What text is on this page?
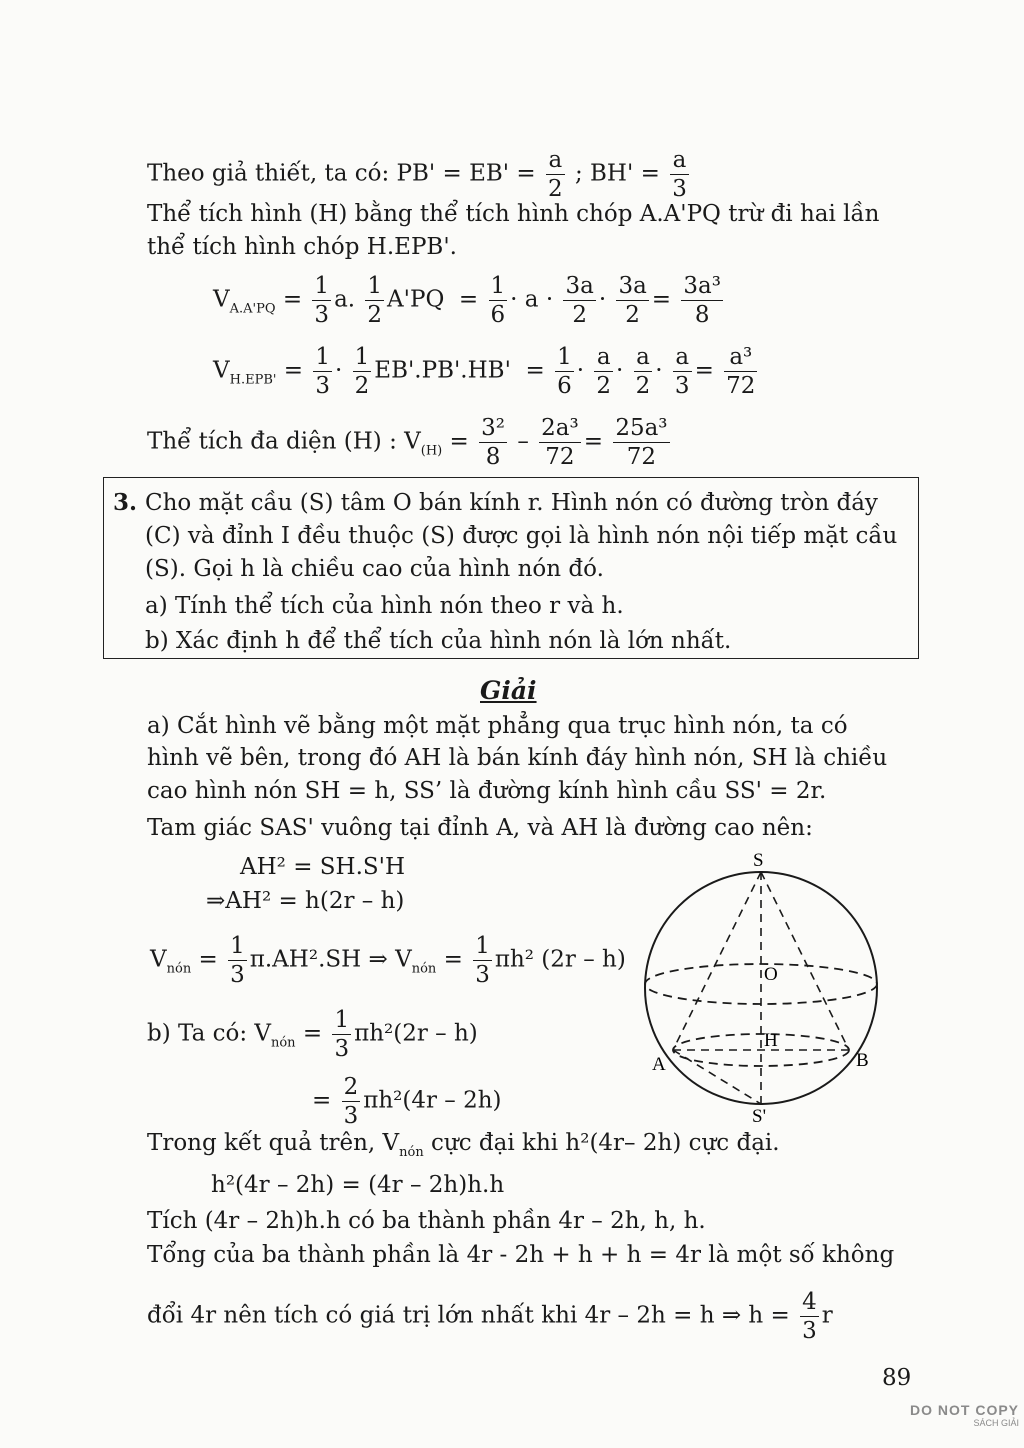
Theo giả thiết, ta có: $PB' = EB' = \frac{a}{2}$ ; $BH' = \frac{a}{3}$
Thể tích hình (H) bằng thể tích hình chóp A.A'PQ trừ đi hai lần
thể tích hình chóp H.EPB'.
$V_{A.A'PQ} = \frac{1}{3} a$. $\frac{1}{2} A'PQ = \frac{1}{6} \cdot a \cdot \frac{3a}{2} \cdot \frac{3a}{2} = \frac{\text{3a³}}{8}$
$V_{H.EPB'} = \frac{1}{3} \cdot \frac{1}{2} EB'.PB'.HB' = \frac{1}{6} \cdot \frac{a}{2} \cdot \frac{a}{2} \cdot \frac{a}{3} = \frac{\text{a³}}{72}$
Thể tích đa diện (H) : $V_{(H)} = \frac{\text{3²}}{8} - \frac{\text{2a³}}{72} = \frac{\text{25a³}}{72}$
3. Cho mặt cầu (S) tâm O bán kính r. Hình nón có đường tròn đáy
(C) và đỉnh I đều thuộc (S) được gọi là hình nón nội tiếp mặt cầu
(S). Gọi h là chiều cao của hình nón đó.
a) Tính thể tích của hình nón theo r và h.
b) Xác định h để thể tích của hình nón là lớn nhất.
Giải
a) Cắt hình vẽ bằng một mặt phẳng qua trục hình nón, ta có
hình vẽ bên, trong đó AH là bán kính đáy hình nón, SH là chiều
cao hình nón SH = h, SS’ là đường kính hình cầu SS' = 2r.
Tam giác SAS' vuông tại đỉnh A, và AH là đường cao nên:
AH² = SH.S'H
⇒AH² = h(2r – h)
$V_{nón} = \frac{1}{3} \pi.AH^2.SH$ ⇒ $V_{nón} = \frac{1}{3} \pi h^2$ (2r – h)
b) Ta có: $V_{nón} = \frac{1}{3} \pi h^2(2r - h)$
= $\frac{2}{3} \pi h^2(4r - 2h)$
Trong kết quả trên, $V_{nón}$ cực đại khi h²(4r– 2h) cực đại.
h²(4r – 2h) = (4r – 2h)h.h
Tích (4r – 2h)h.h có ba thành phần 4r – 2h, h, h.
Tổng của ba thành phần là 4r - 2h + h + h = 4r là một số không
đổi 4r nên tích có giá trị lớn nhất khi 4r – 2h = h ⇒ $h = \frac{4}{3}$ r
S
O
H
A	B
S'
89
DO NOT COPY
SÁCH GIẢI
